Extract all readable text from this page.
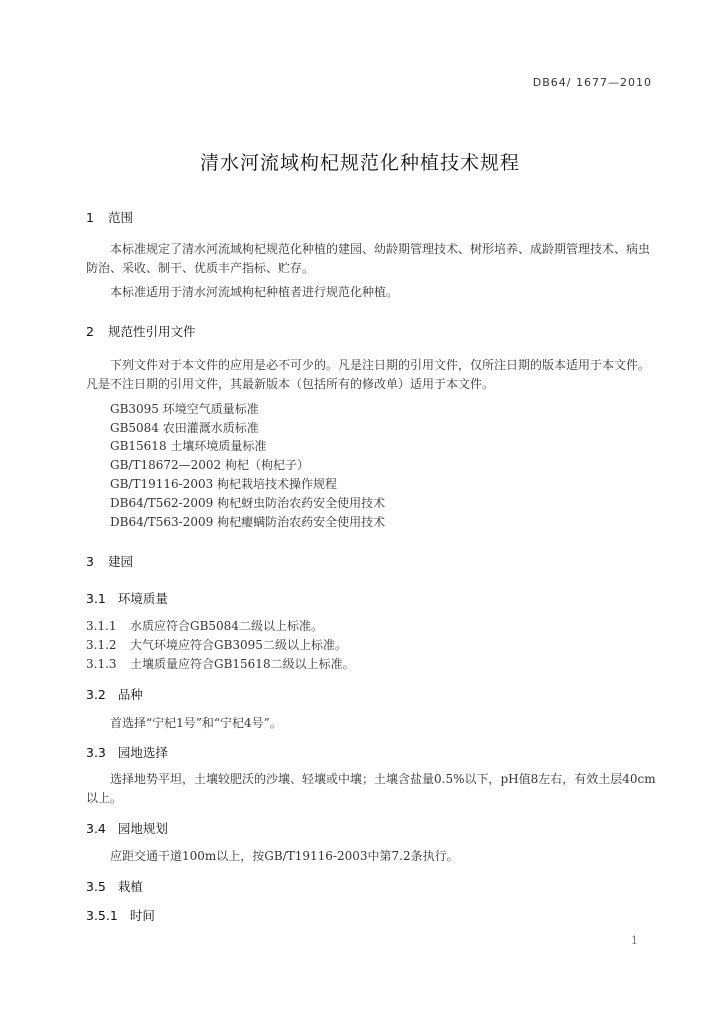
DB64/ 1677—2010
清水河流域枸杞规范化种植技术规程
1 范围
本标准规定了清水河流域枸杞规范化种植的建园、幼龄期管理技术、树形培养、成龄期管理技术、病虫防治、采收、制干、优质丰产指标、贮存。
本标准适用于清水河流域枸杞种植者进行规范化种植。
2 规范性引用文件
下列文件对于本文件的应用是必不可少的。凡是注日期的引用文件，仅所注日期的版本适用于本文件。凡是不注日期的引用文件，其最新版本（包括所有的修改单）适用于本文件。
GB3095 环境空气质量标准
GB5084 农田灌溉水质标准
GB15618 土壤环境质量标准
GB/T18672—2002 枸杞（枸杞子）
GB/T19116-2003 枸杞栽培技术操作规程
DB64/T562-2009 枸杞蚜虫防治农药安全使用技术
DB64/T563-2009 枸杞瘿螨防治农药安全使用技术
3 建园
3.1 环境质量
3.1.1 水质应符合GB5084二级以上标准。
3.1.2 大气环境应符合GB3095二级以上标准。
3.1.3 土壤质量应符合GB15618二级以上标准。
3.2 品种
首选择“宁杞1号”和“宁杞4号”。
3.3 园地选择
选择地势平坦，土壤较肥沃的沙壤、轻壤或中壤；土壤含盐量0.5%以下，pH值8左右，有效土层40cm以上。
3.4 园地规划
应距交通干道100m以上，按GB/T19116-2003中第7.2条执行。
3.5 栽植
3.5.1 时间
1
